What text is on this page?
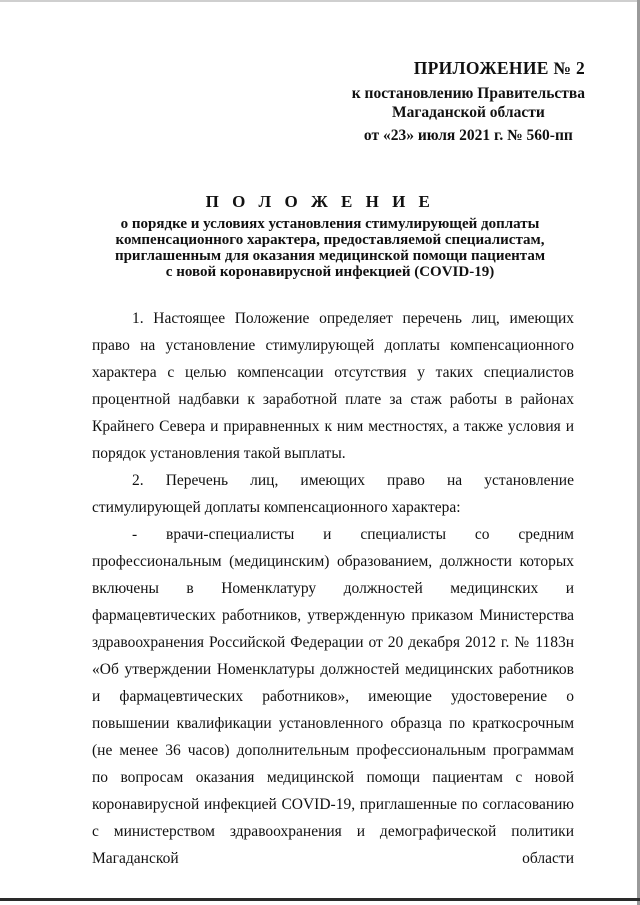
ПРИЛОЖЕНИЕ № 2
к постановлению Правительства
Магаданской области
от «23» июля 2021 г. № 560-пп
П О Л О Ж Е Н И Е
о порядке и условиях установления стимулирующей доплаты
компенсационного характера, предоставляемой специалистам,
приглашенным для оказания медицинской помощи пациентам
с новой коронавирусной инфекцией (COVID-19)

1. Настоящее Положение определяет перечень лиц, имеющих право на установление стимулирующей доплаты компенсационного характера с целью компенсации отсутствия у таких специалистов процентной надбавки к заработной плате за стаж работы в районах Крайнего Севера и приравненных к ним местностях, а также условия и порядок установления такой выплаты.

2. Перечень лиц, имеющих право на установление стимулирующей доплаты компенсационного характера:

- врачи-специалисты и специалисты со средним профессиональным (медицинским) образованием, должности которых включены в Номенклатуру должностей медицинских и фармацевтических работников, утвержденную приказом Министерства здравоохранения Российской Федерации от 20 декабря 2012 г. № 1183н «Об утверждении Номенклатуры должностей медицинских работников и фармацевтических работников», имеющие удостоверение о повышении квалификации установленного образца по краткосрочным (не менее 36 часов) дополнительным профессиональным программам по вопросам оказания медицинской помощи пациентам с новой коронавирусной инфекцией COVID-19, приглашенные по согласованию с министерством здравоохранения и демографической политики Магаданской области
